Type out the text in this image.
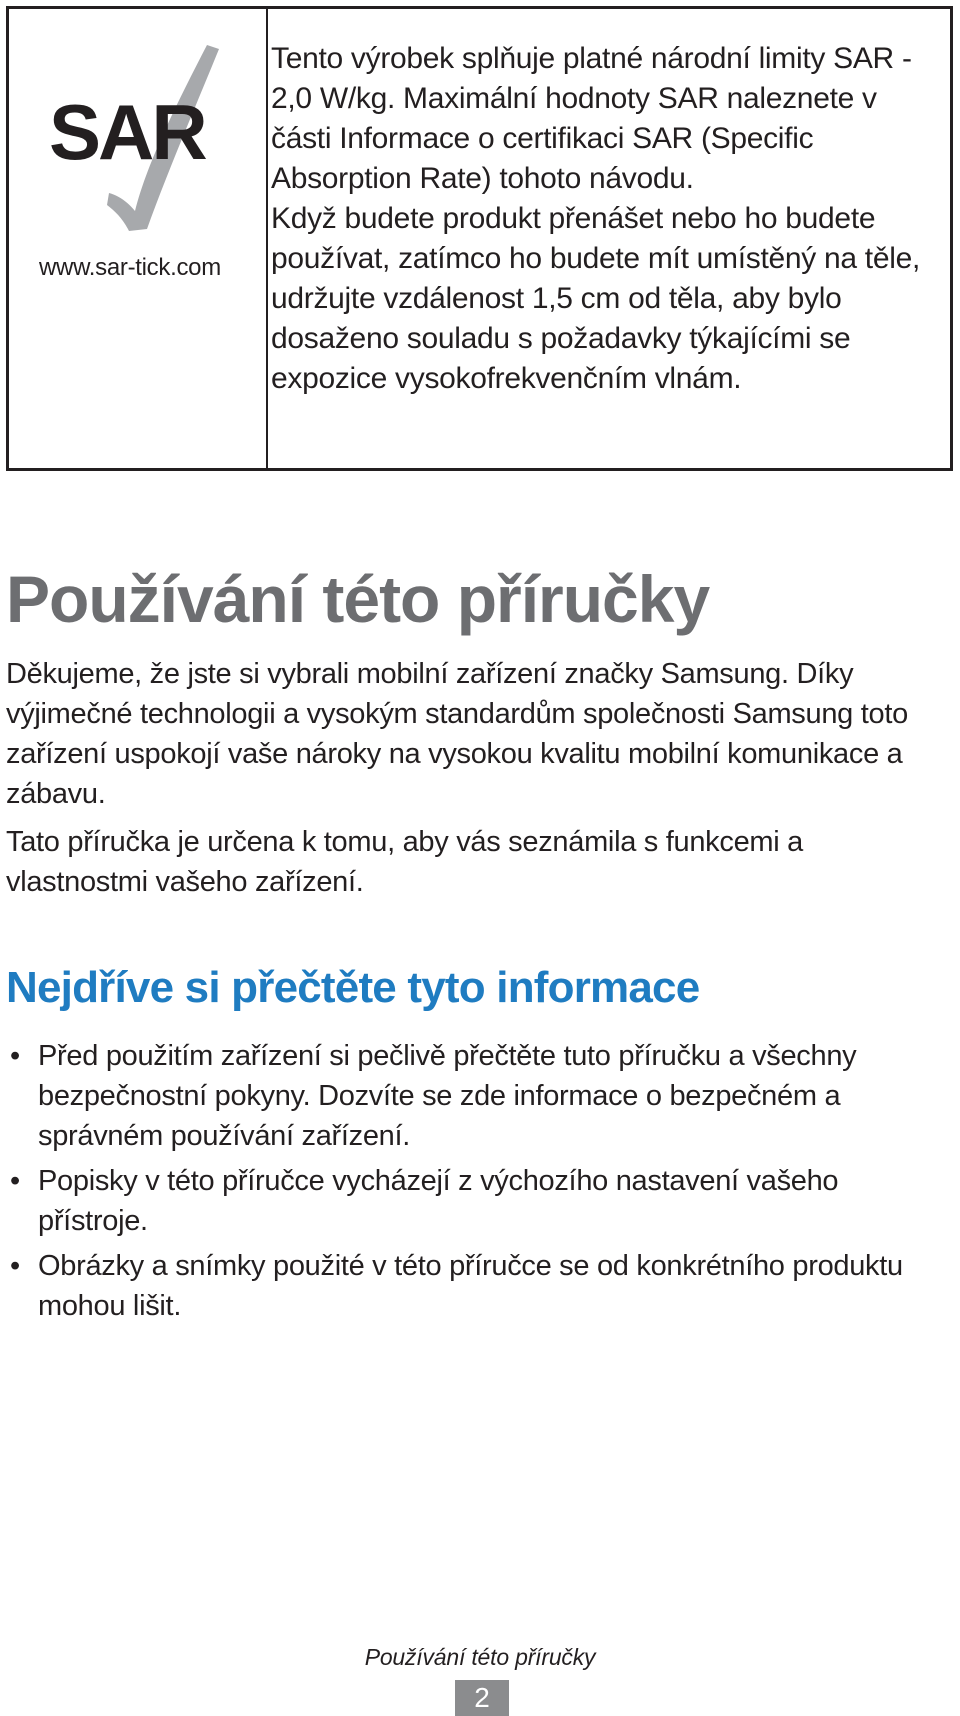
SAR
www.sar-tick.com

Tento výrobek splňuje platné národní limity SAR - 2,0 W/kg. Maximální hodnoty SAR naleznete v části Informace o certifikaci SAR (Specific Absorption Rate) tohoto návodu.

Když budete produkt přenášet nebo ho budete používat, zatímco ho budete mít umístěný na těle, udržujte vzdálenost 1,5 cm od těla, aby bylo dosaženo souladu s požadavky týkajícími se expozice vysokofrekvenčním vlnám.

Používání této příručky

Děkujeme, že jste si vybrali mobilní zařízení značky Samsung. Díky výjimečné technologii a vysokým standardům společnosti Samsung toto zařízení uspokojí vaše nároky na vysokou kvalitu mobilní komunikace a zábavu.

Tato příručka je určena k tomu, aby vás seznámila s funkcemi a vlastnostmi vašeho zařízení.

Nejdříve si přečtěte tyto informace
• Před použitím zařízení si pečlivě přečtěte tuto příručku a všechny bezpečnostní pokyny. Dozvíte se zde informace o bezpečném a správném používání zařízení.
• Popisky v této příručce vycházejí z výchozího nastavení vašeho přístroje.
• Obrázky a snímky použité v této příručce se od konkrétního produktu mohou lišit.
Používání této příručky
2
